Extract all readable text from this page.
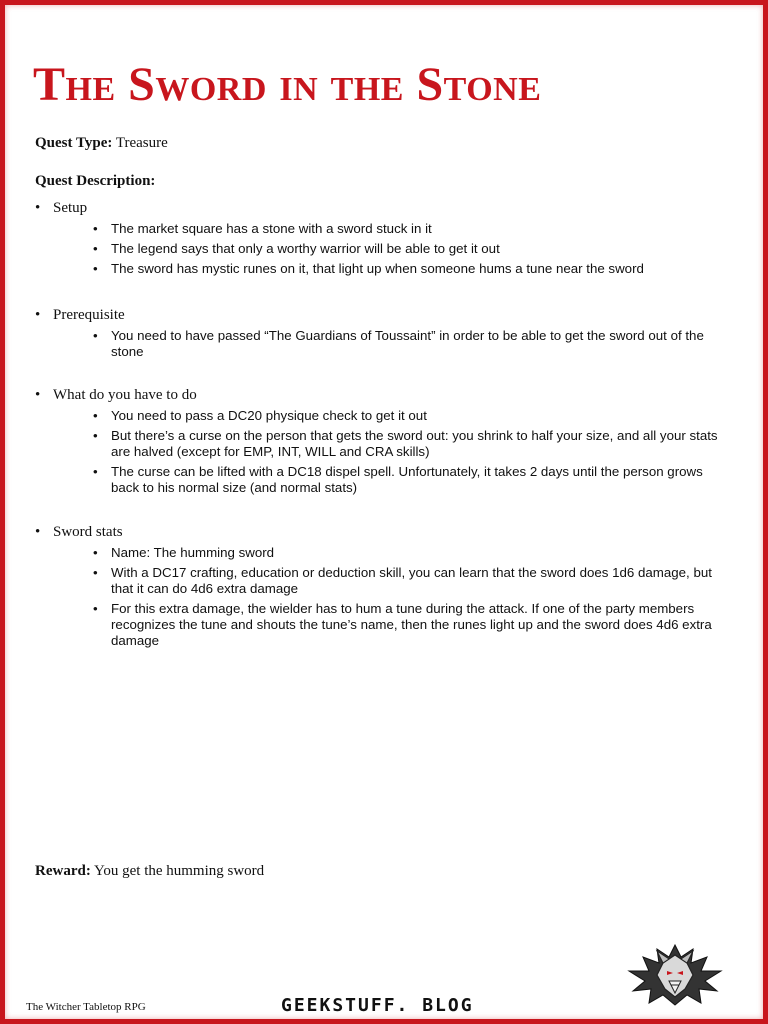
The Sword in the Stone
Quest Type: Treasure
Quest Description:
• Setup
• The market square has a stone with a sword stuck in it
• The legend says that only a worthy warrior will be able to get it out
• The sword has mystic runes on it, that light up when someone hums a tune near the sword
• Prerequisite
• You need to have passed “The Guardians of Toussaint” in order to be able to get the sword out of the stone
• What do you have to do
• You need to pass a DC20 physique check to get it out
• But there’s a curse on the person that gets the sword out: you shrink to half your size, and all your stats are halved (except for EMP, INT, WILL and CRA skills)
• The curse can be lifted with a DC18 dispel spell. Unfortunately, it takes 2 days until the person grows back to his normal size (and normal stats)
• Sword stats
• Name: The humming sword
• With a DC17 crafting, education or deduction skill, you can learn that the sword does 1d6 damage, but that it can do 4d6 extra damage
• For this extra damage, the wielder has to hum a tune during the attack. If one of the party members recognizes the tune and shouts the tune’s name, then the runes light up and the sword does 4d6 extra damage
Reward: You get the humming sword
The Witcher Tabletop RPG	GEEKSTUFF. BLOG
